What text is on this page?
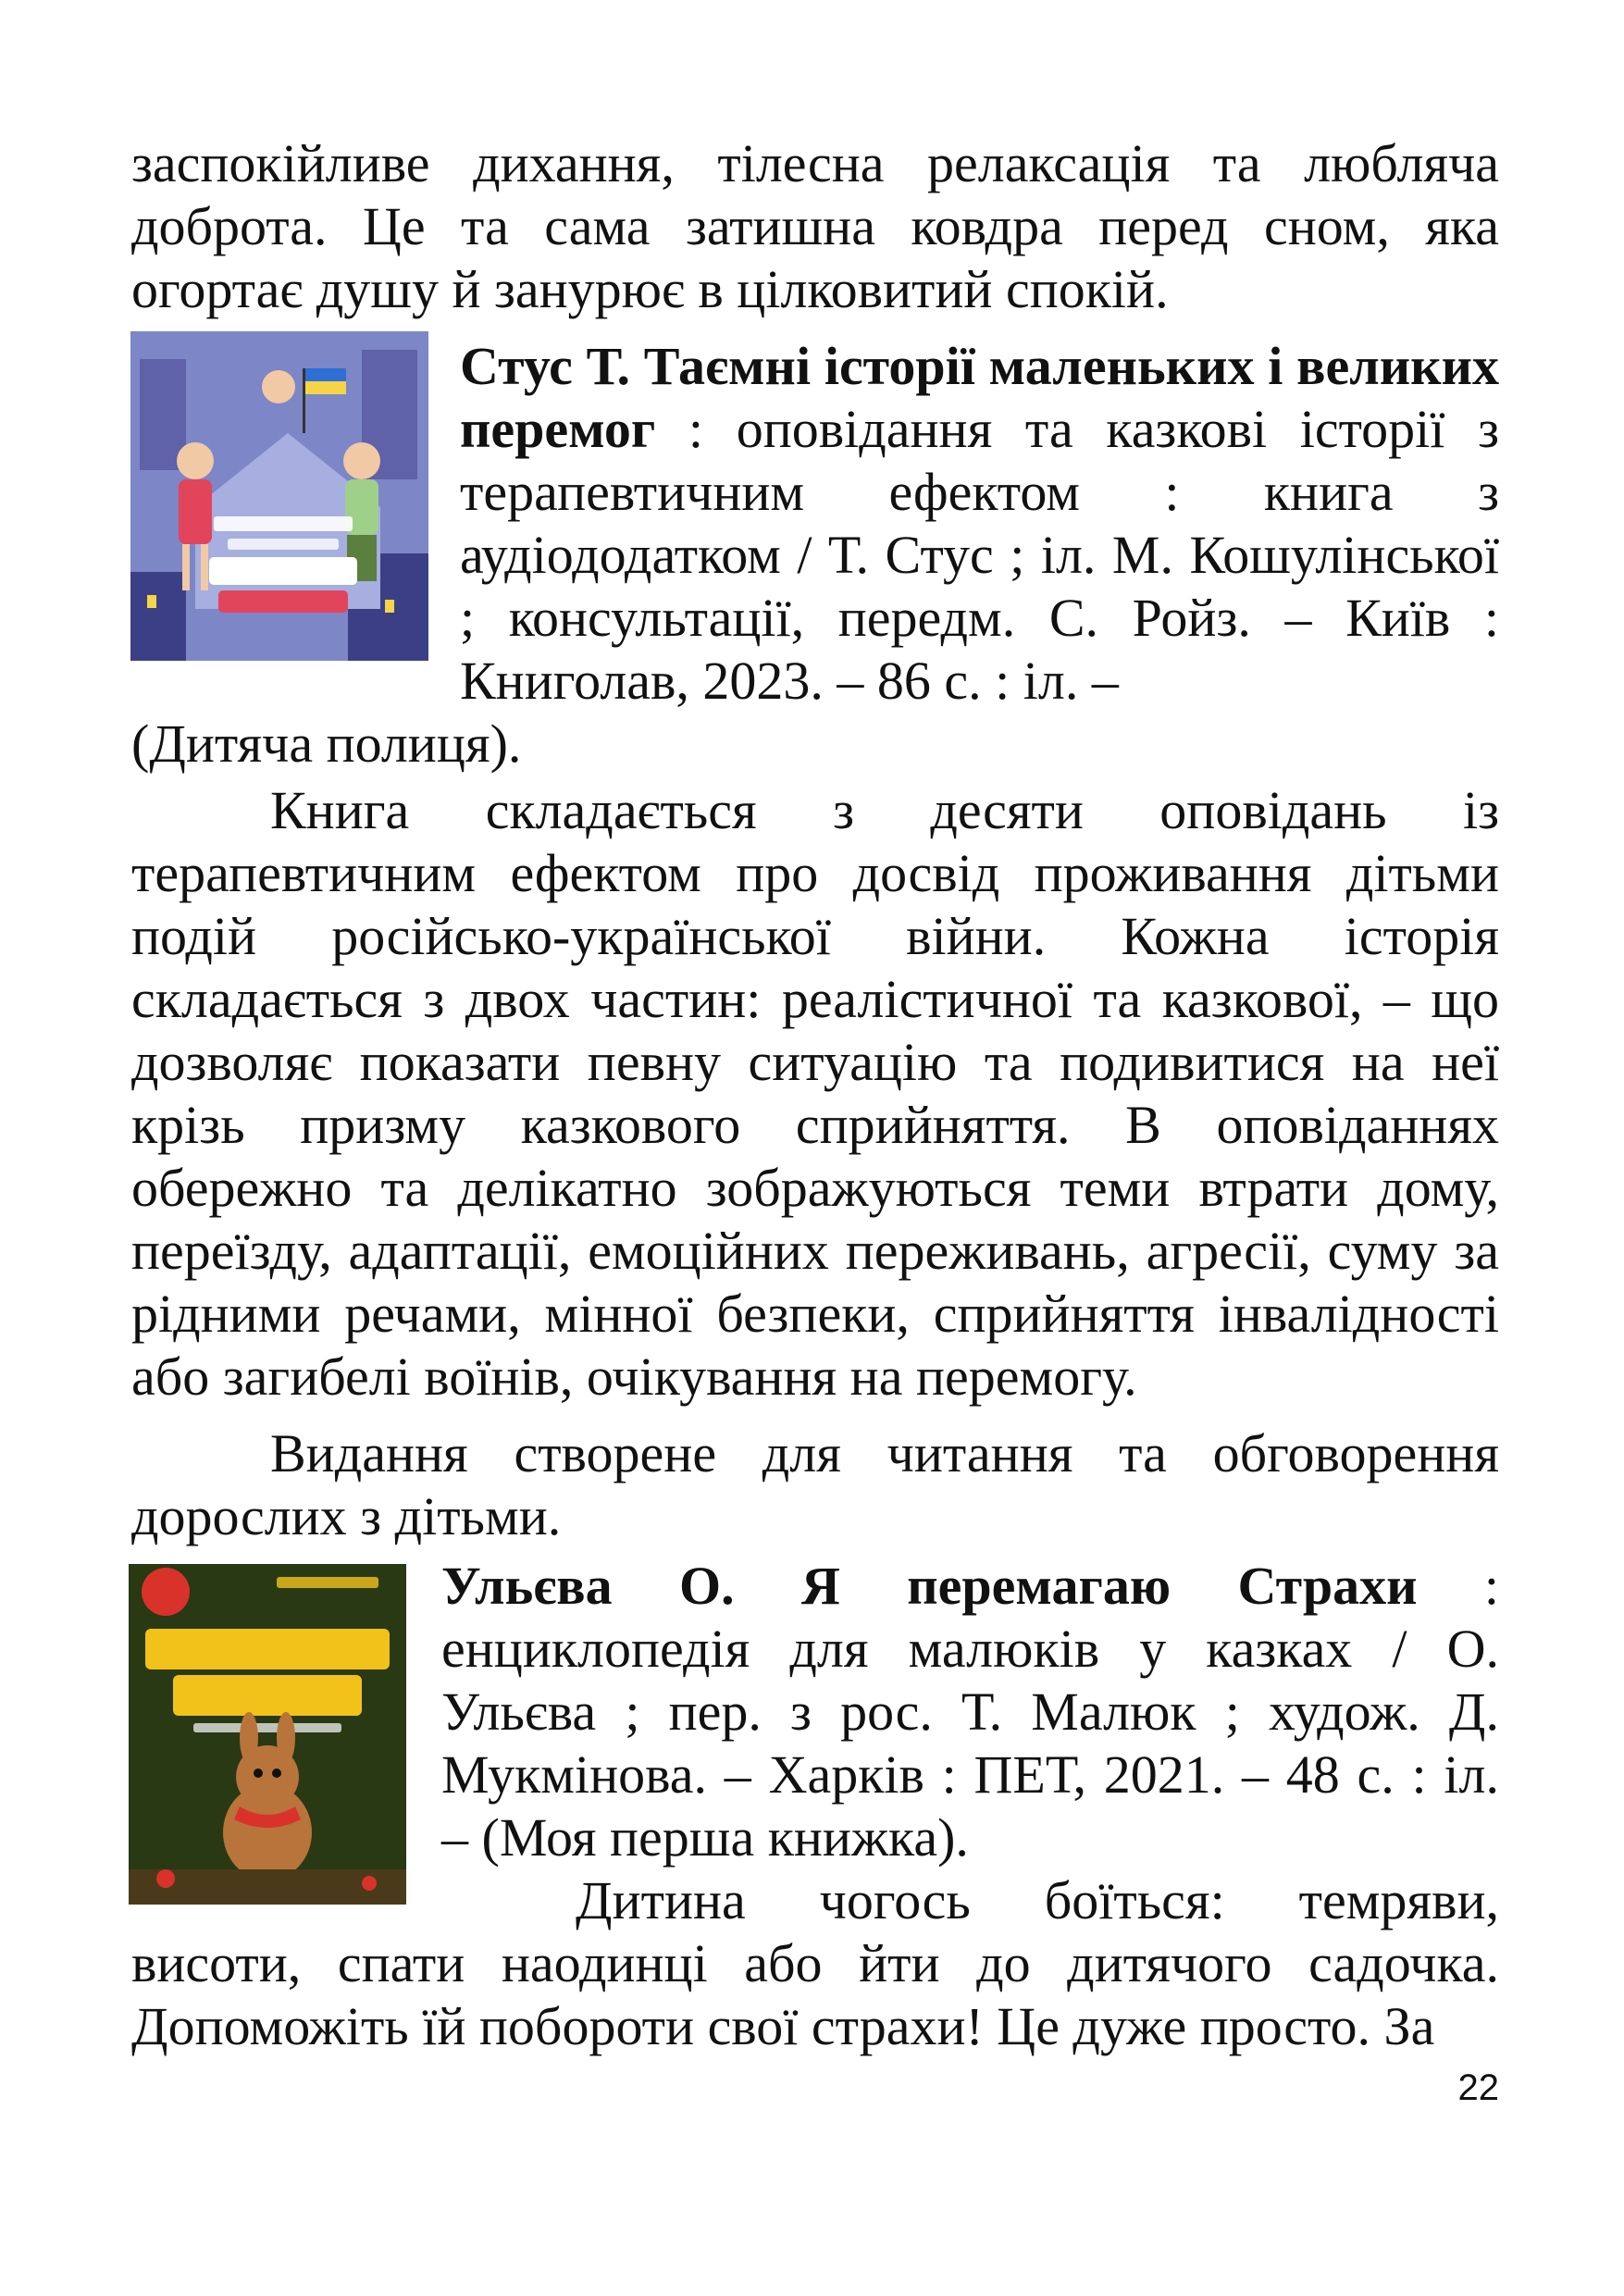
заспокійливе дихання, тілесна релаксація та любляча доброта. Це та сама затишна ковдра перед сном, яка огортає душу й занурює в цілковитий спокій.

Стус Т. Таємні історії маленьких і великих перемог : оповідання та казкові історії з терапевтичним ефектом : книга з аудіододатком / Т. Стус ; іл. М. Кошулінської ; консультації, передм. С. Ройз. – Київ : Книголав, 2023. – 86 с. : іл. –

(Дитяча полиця).

Книга складається з десяти оповідань із терапевтичним ефектом про досвід проживання дітьми подій російсько-української війни. Кожна історія складається з двох частин: реалістичної та казкової, – що дозволяє показати певну ситуацію та подивитися на неї крізь призму казкового сприйняття. В оповіданнях обережно та делікатно зображуються теми втрати дому, переїзду, адаптації, емоційних переживань, агресії, суму за рідними речами, мінної безпеки, сприйняття інвалідності або загибелі воїнів, очікування на перемогу.

Видання створене для читання та обговорення дорослих з дітьми.

Ульєва О. Я перемагаю Страхи : енциклопедія для малюків у казках / О. Ульєва ; пер. з рос. Т. Малюк ; худож. Д. Мукмінова. – Харків : ПЕТ, 2021. – 48 с. : іл. – (Моя перша книжка).

Дитина чогось боїться: темряви, висоти, спати наодинці або йти до дитячого садочка. Допоможіть їй побороти свої страхи! Це дуже просто. За

22
